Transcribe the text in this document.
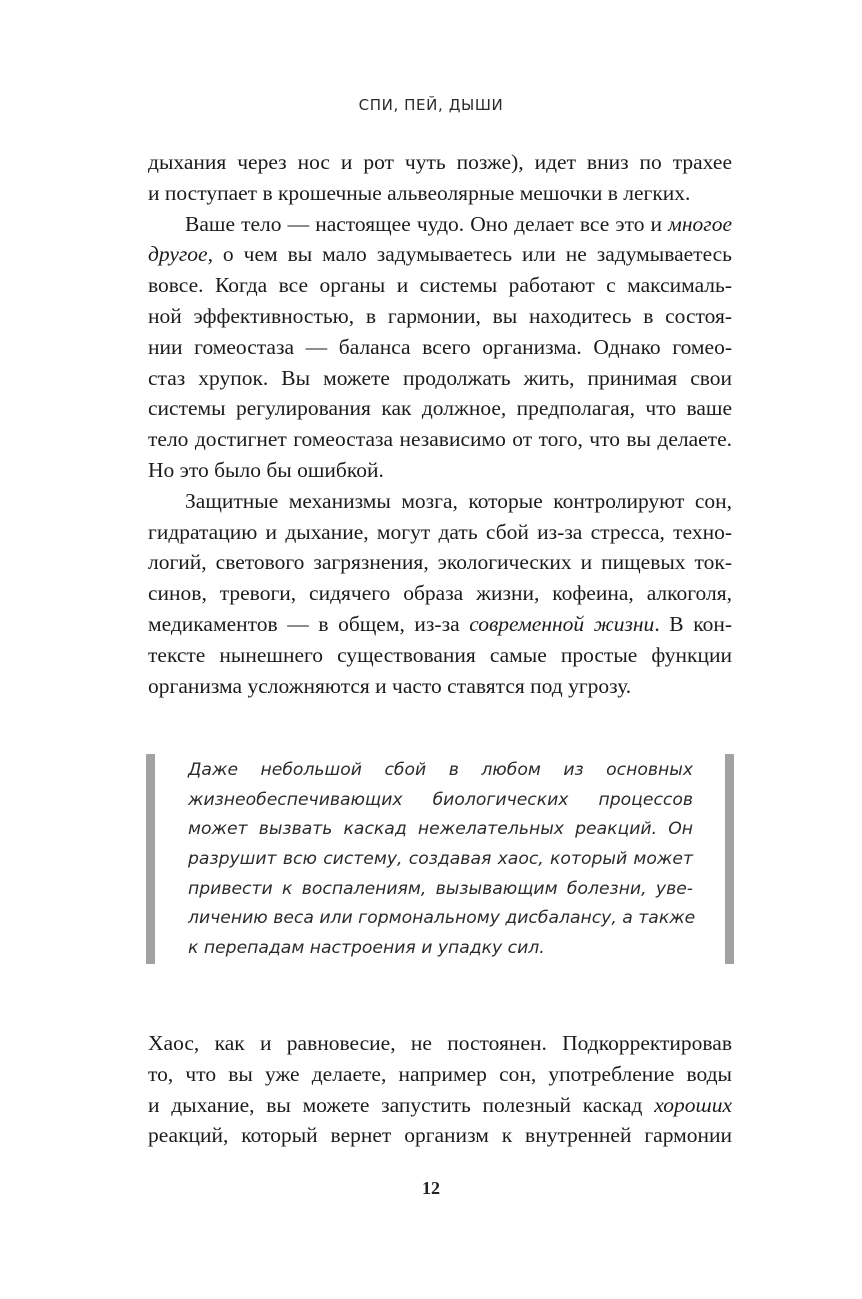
СПИ, ПЕЙ, ДЫШИ
дыхания через нос и рот чуть позже), идет вниз по трахее
и поступает в крошечные альвеолярные мешочки в легких.
Ваше тело — настоящее чудо. Оно делает все это и многое
другое, о чем вы мало задумываетесь или не задумываетесь
вовсе. Когда все органы и системы работают с максималь-
ной эффективностью, в гармонии, вы находитесь в состоя-
нии гомеостаза — баланса всего организма. Однако гомео-
стаз хрупок. Вы можете продолжать жить, принимая свои
системы регулирования как должное, предполагая, что ваше
тело достигнет гомеостаза независимо от того, что вы делаете.
Но это было бы ошибкой.
Защитные механизмы мозга, которые контролируют сон,
гидратацию и дыхание, могут дать сбой из-за стресса, техно-
логий, светового загрязнения, экологических и пищевых ток-
синов, тревоги, сидячего образа жизни, кофеина, алкоголя,
медикаментов — в общем, из-за современной жизни. В кон-
тексте нынешнего существования самые простые функции
организма усложняются и часто ставятся под угрозу.
Даже небольшой сбой в любом из основных
жизнеобеспечивающих биологических процессов
может вызвать каскад нежелательных реакций. Он
разрушит всю систему, создавая хаос, который может
привести к воспалениям, вызывающим болезни, уве-
личению веса или гормональному дисбалансу, а также
к перепадам настроения и упадку сил.
Хаос, как и равновесие, не постоянен. Подкорректировав
то, что вы уже делаете, например сон, употребление воды
и дыхание, вы можете запустить полезный каскад хороших
реакций, который вернет организм к внутренней гармонии
12
